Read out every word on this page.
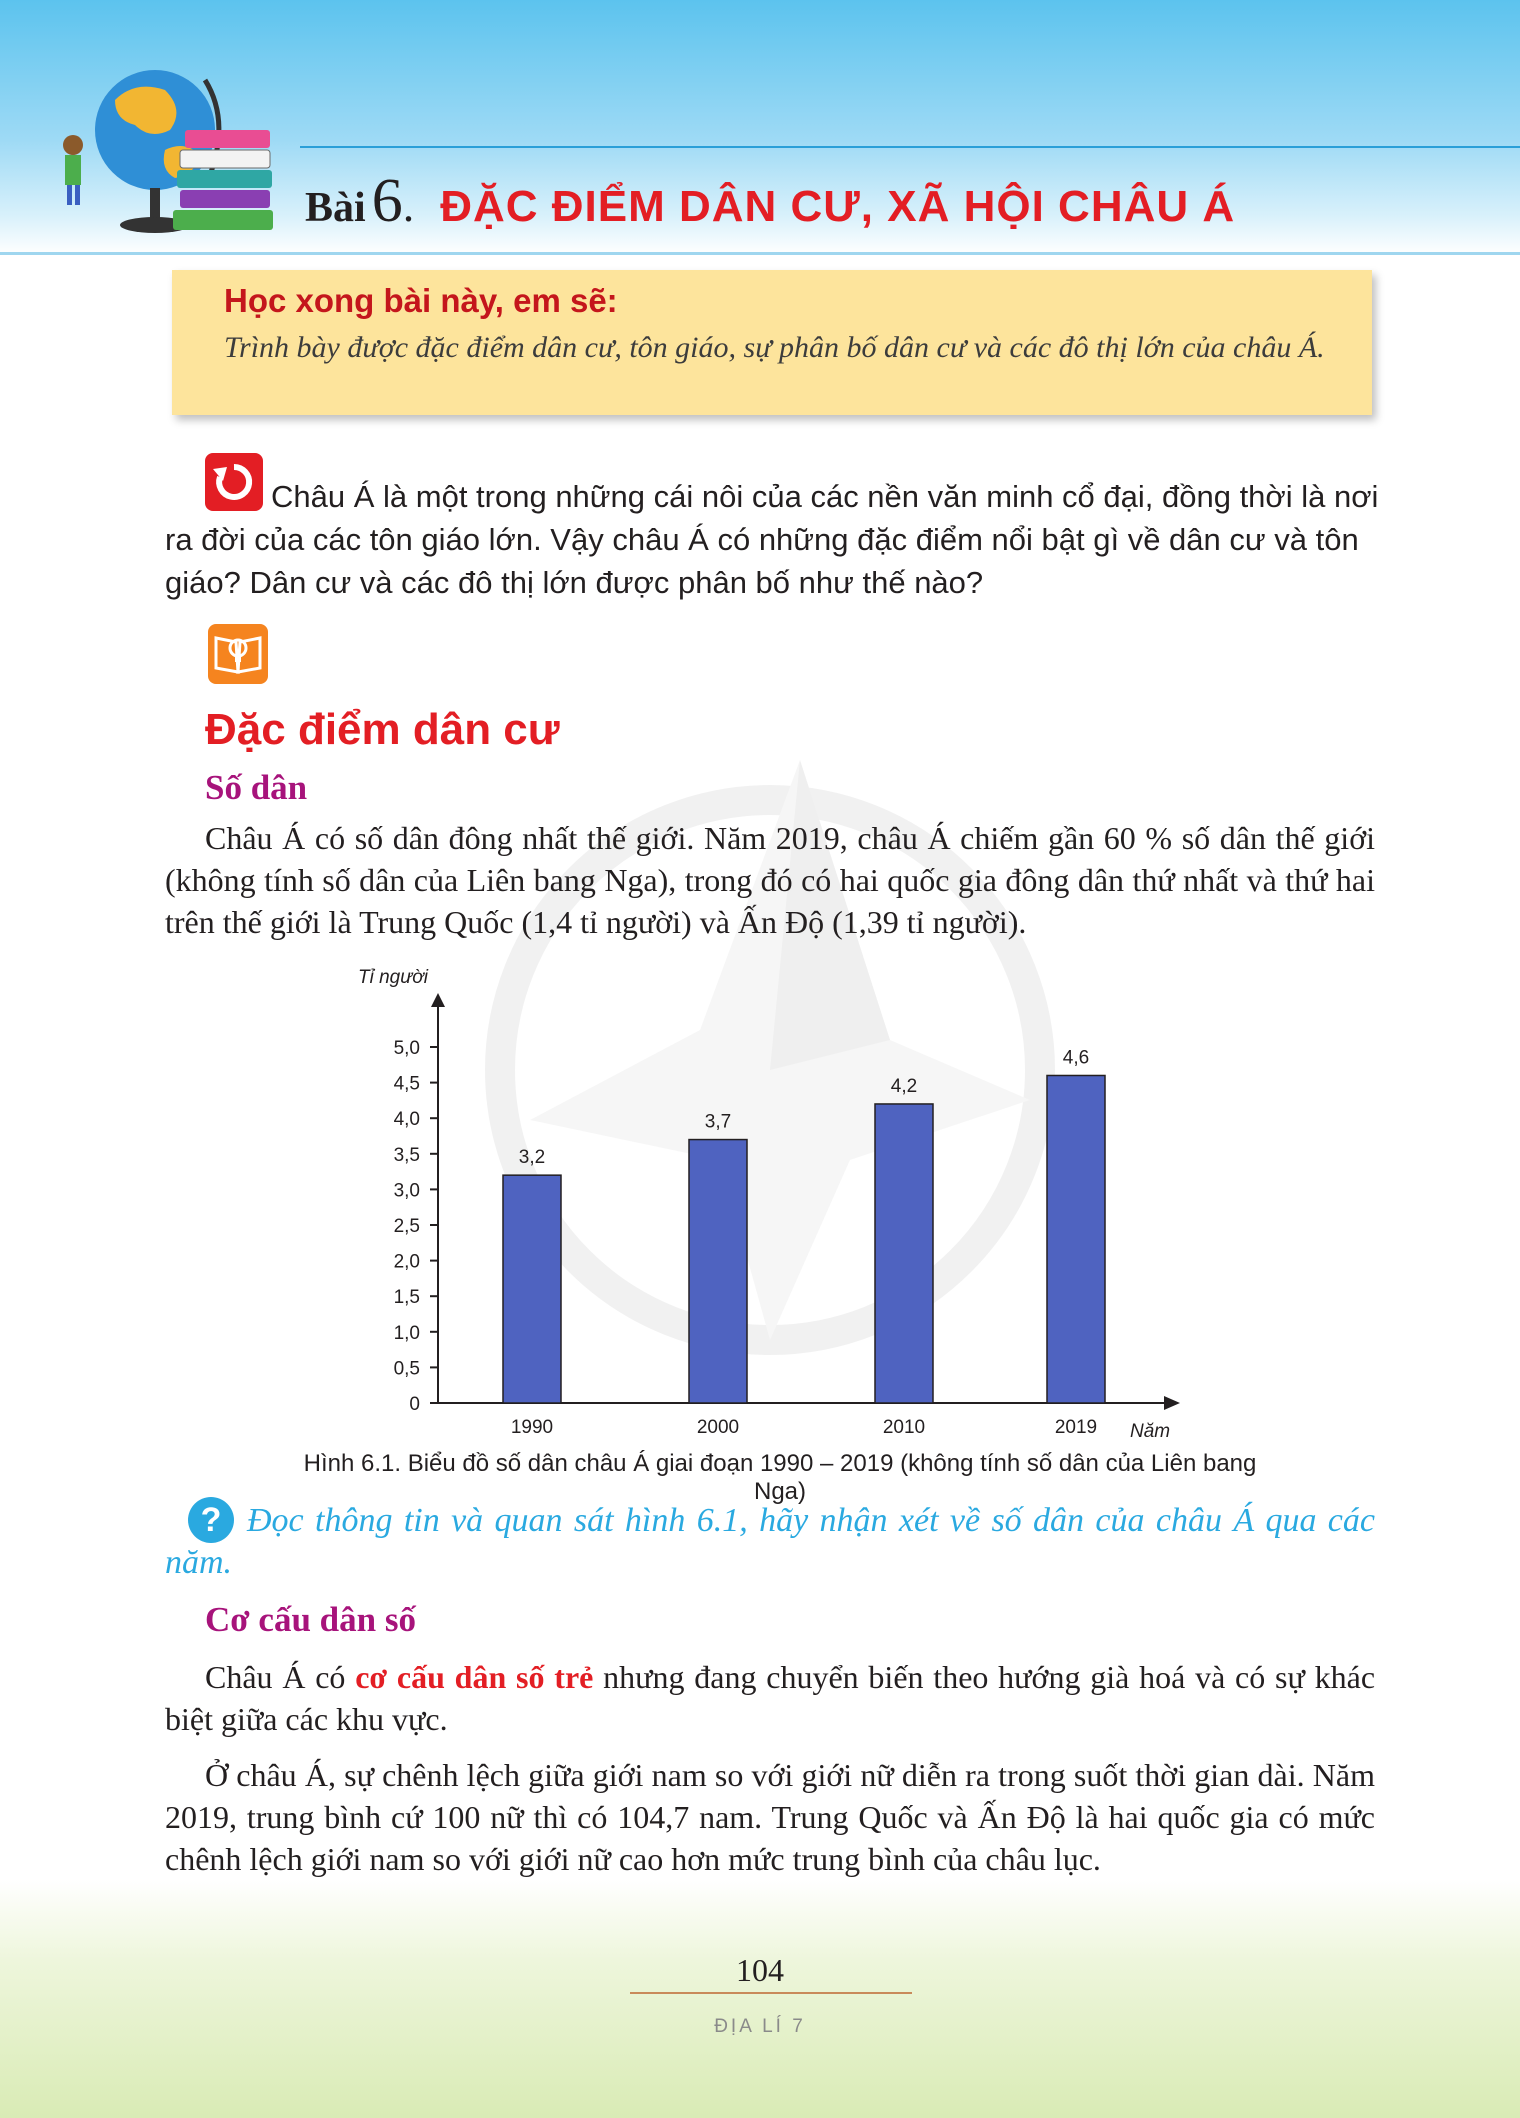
Bài6. ĐẶC ĐIỂM DÂN CƯ, XÃ HỘI CHÂU Á
Học xong bài này, em sẽ:
Trình bày được đặc điểm dân cư, tôn giáo, sự phân bố dân cư và các đô thị lớn của châu Á.
Châu Á là một trong những cái nôi của các nền văn minh cổ đại, đồng thời là nơi ra đời của các tôn giáo lớn. Vậy châu Á có những đặc điểm nổi bật gì về dân cư và tôn giáo? Dân cư và các đô thị lớn được phân bố như thế nào?
Đặc điểm dân cư
Số dân
Châu Á có số dân đông nhất thế giới. Năm 2019, châu Á chiếm gần 60 % số dân thế giới (không tính số dân của Liên bang Nga), trong đó có hai quốc gia đông dân thứ nhất và thứ hai trên thế giới là Trung Quốc (1,4 tỉ người) và Ấn Độ (1,39 tỉ người).
Tỉ người
Năm
0
0,5
1,0
1,5
2,0
2,5
3,0
3,5
4,0
4,5
5,0
3,2
1990
3,7
2000
4,2
2010
4,6
2019
Hình 6.1. Biểu đồ số dân châu Á giai đoạn 1990 – 2019 (không tính số dân của Liên bang Nga)
? Đọc thông tin và quan sát hình 6.1, hãy nhận xét về số dân của châu Á qua các năm.
Cơ cấu dân số
Châu Á có cơ cấu dân số trẻ nhưng đang chuyển biến theo hướng già hoá và có sự khác biệt giữa các khu vực.
Ở châu Á, sự chênh lệch giữa giới nam so với giới nữ diễn ra trong suốt thời gian dài. Năm 2019, trung bình cứ 100 nữ thì có 104,7 nam. Trung Quốc và Ấn Độ là hai quốc gia có mức chênh lệch giới nam so với giới nữ cao hơn mức trung bình của châu lục.
104
ĐỊA LÍ 7
